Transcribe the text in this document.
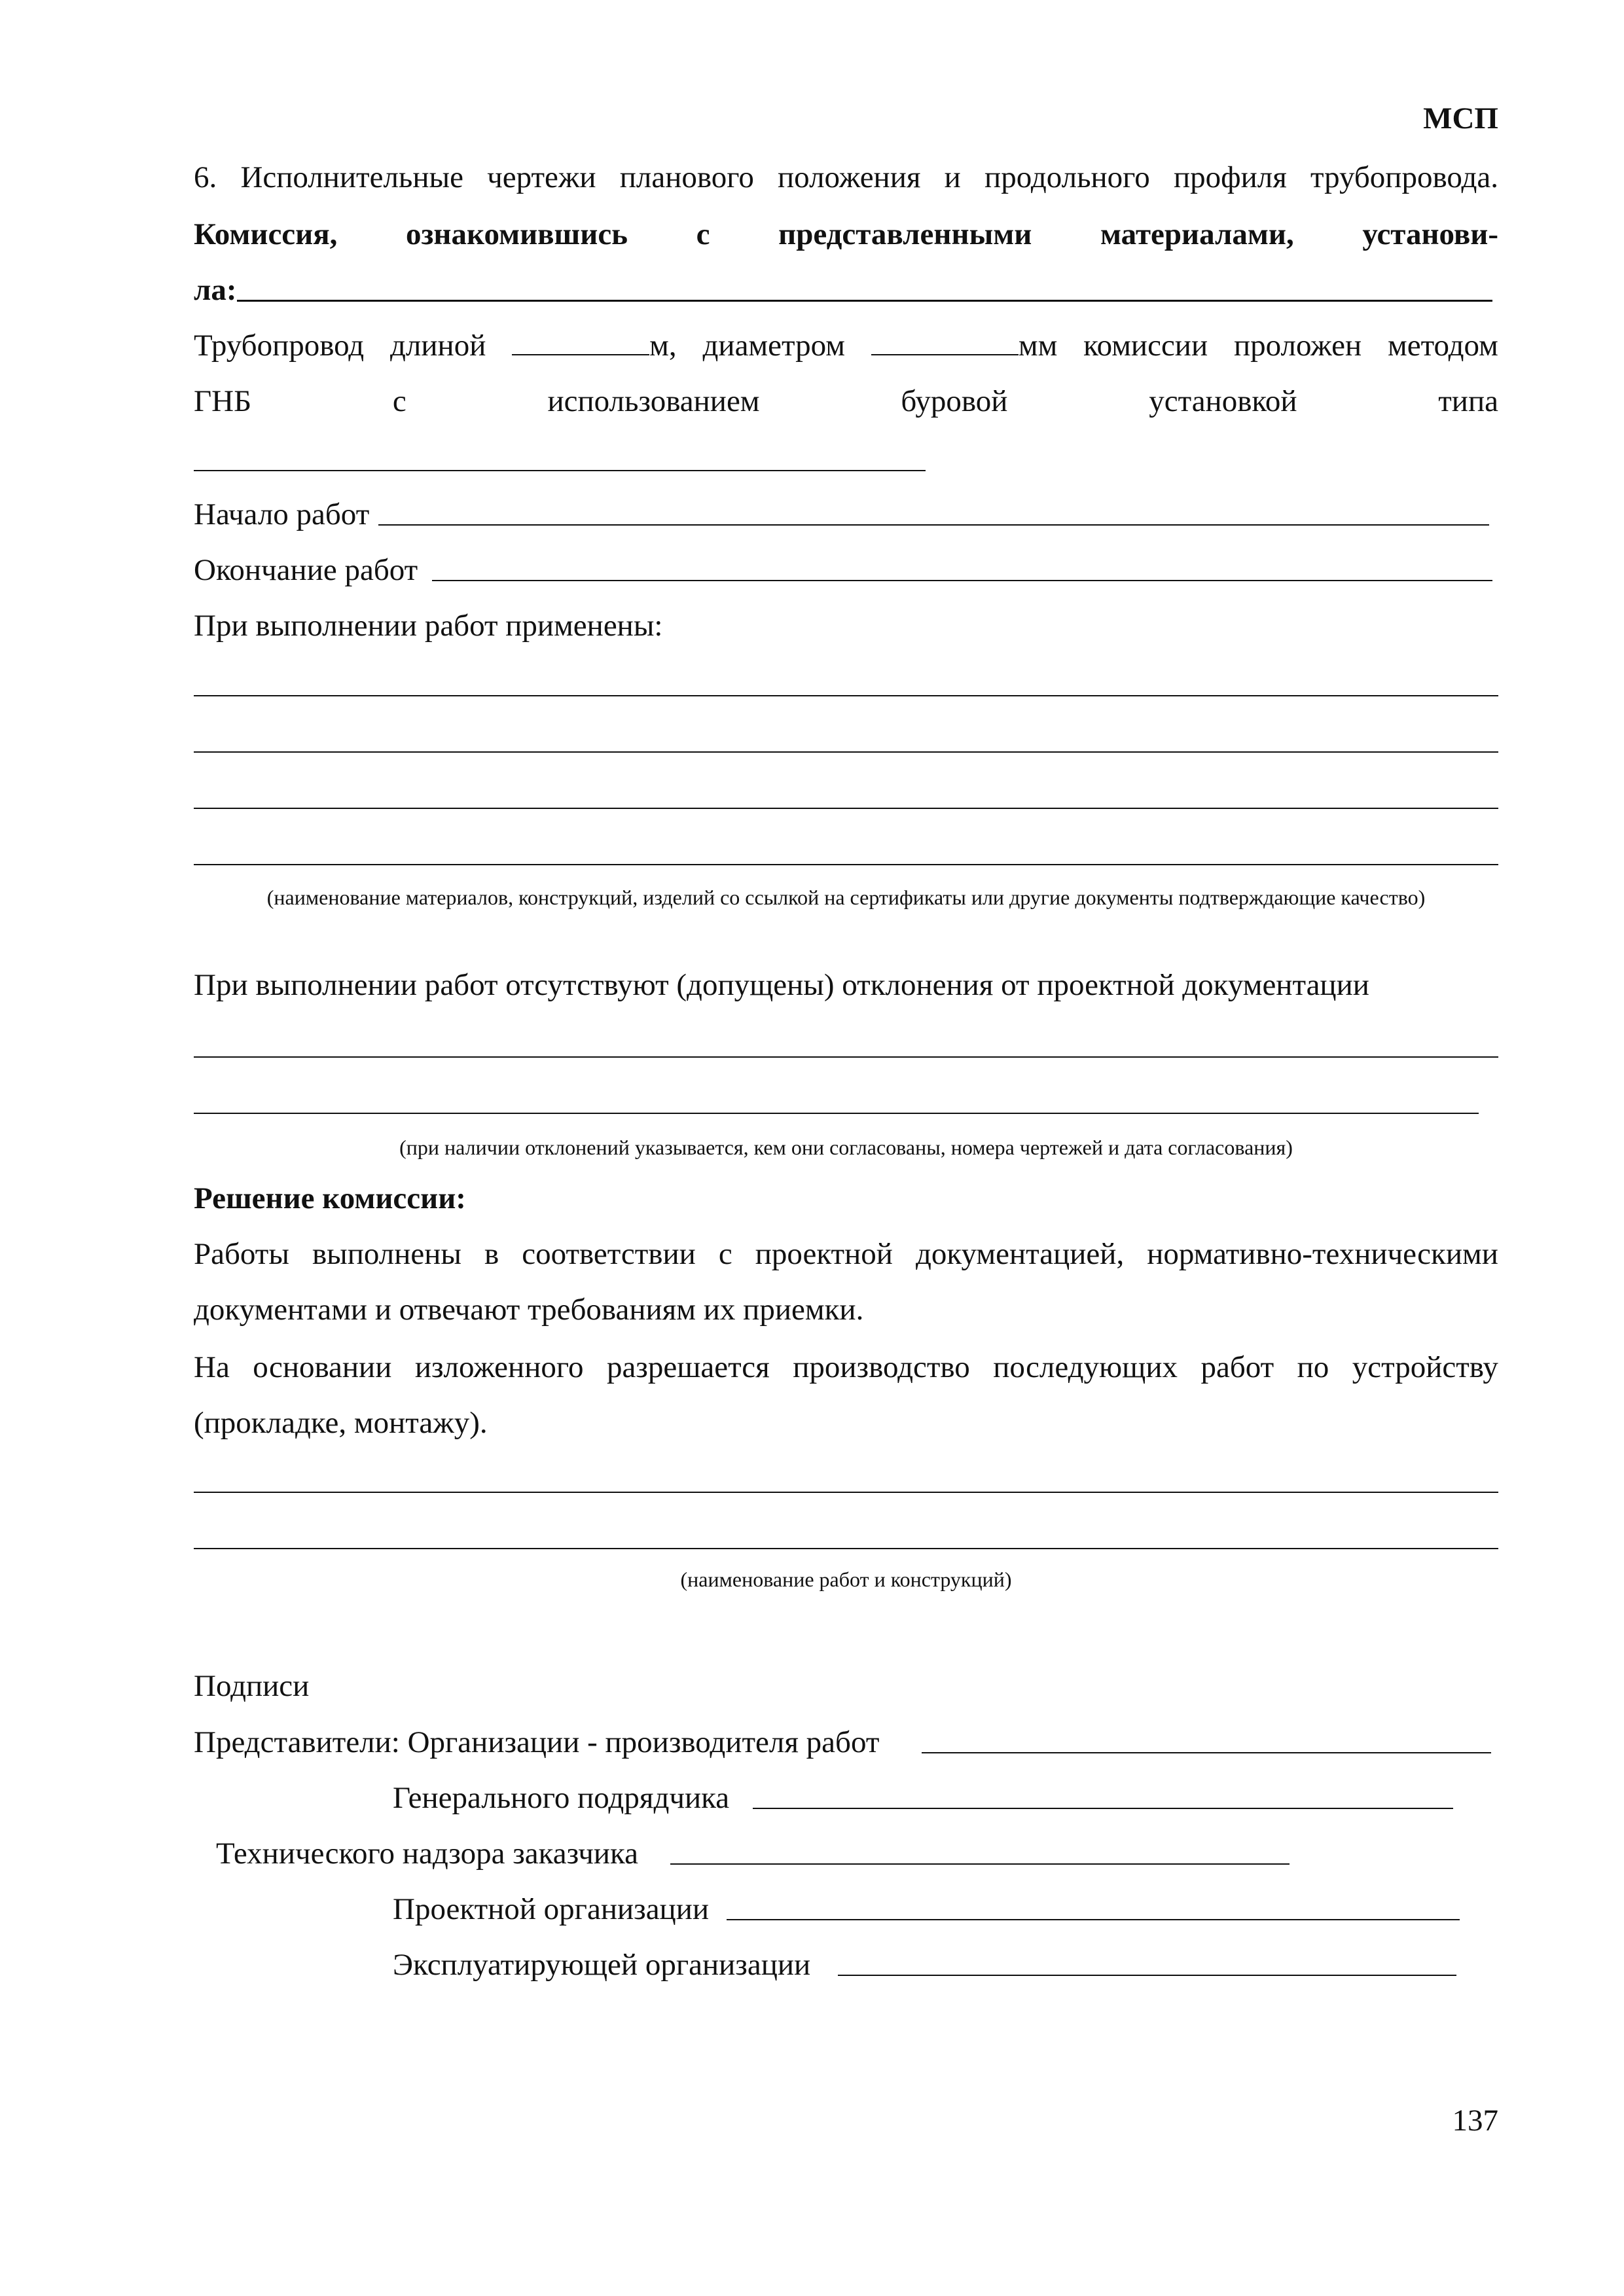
МСП
6. Исполнительные чертежи планового положения и продольного профиля трубопровода.
Комиссия, ознакомившись с представленными материалами, установи-
ла:
Трубопровод длиной	м, диаметром	мм комиссии проложен методом
ГНБ	с	использованием	буровой	установкой	типа
Начало работ
Окончание работ
При выполнении работ применены:
(наименование материалов, конструкций, изделий со ссылкой на сертификаты или другие документы подтверждающие качество)
При выполнении работ отсутствуют (допущены) отклонения от проектной документации
(при наличии отклонений указывается, кем они согласованы, номера чертежей и дата согласования)
Решение комиссии:
Работы выполнены в соответствии с проектной документацией, нормативно-техническими
документами и отвечают требованиям их приемки.
На основании изложенного разрешается производство последующих работ по устройству
(прокладке, монтажу).
(наименование работ и конструкций)
Подписи
Представители: Организации - производителя работ
Генерального подрядчика
Технического надзора заказчика
Проектной организации
Эксплуатирующей организации
137
